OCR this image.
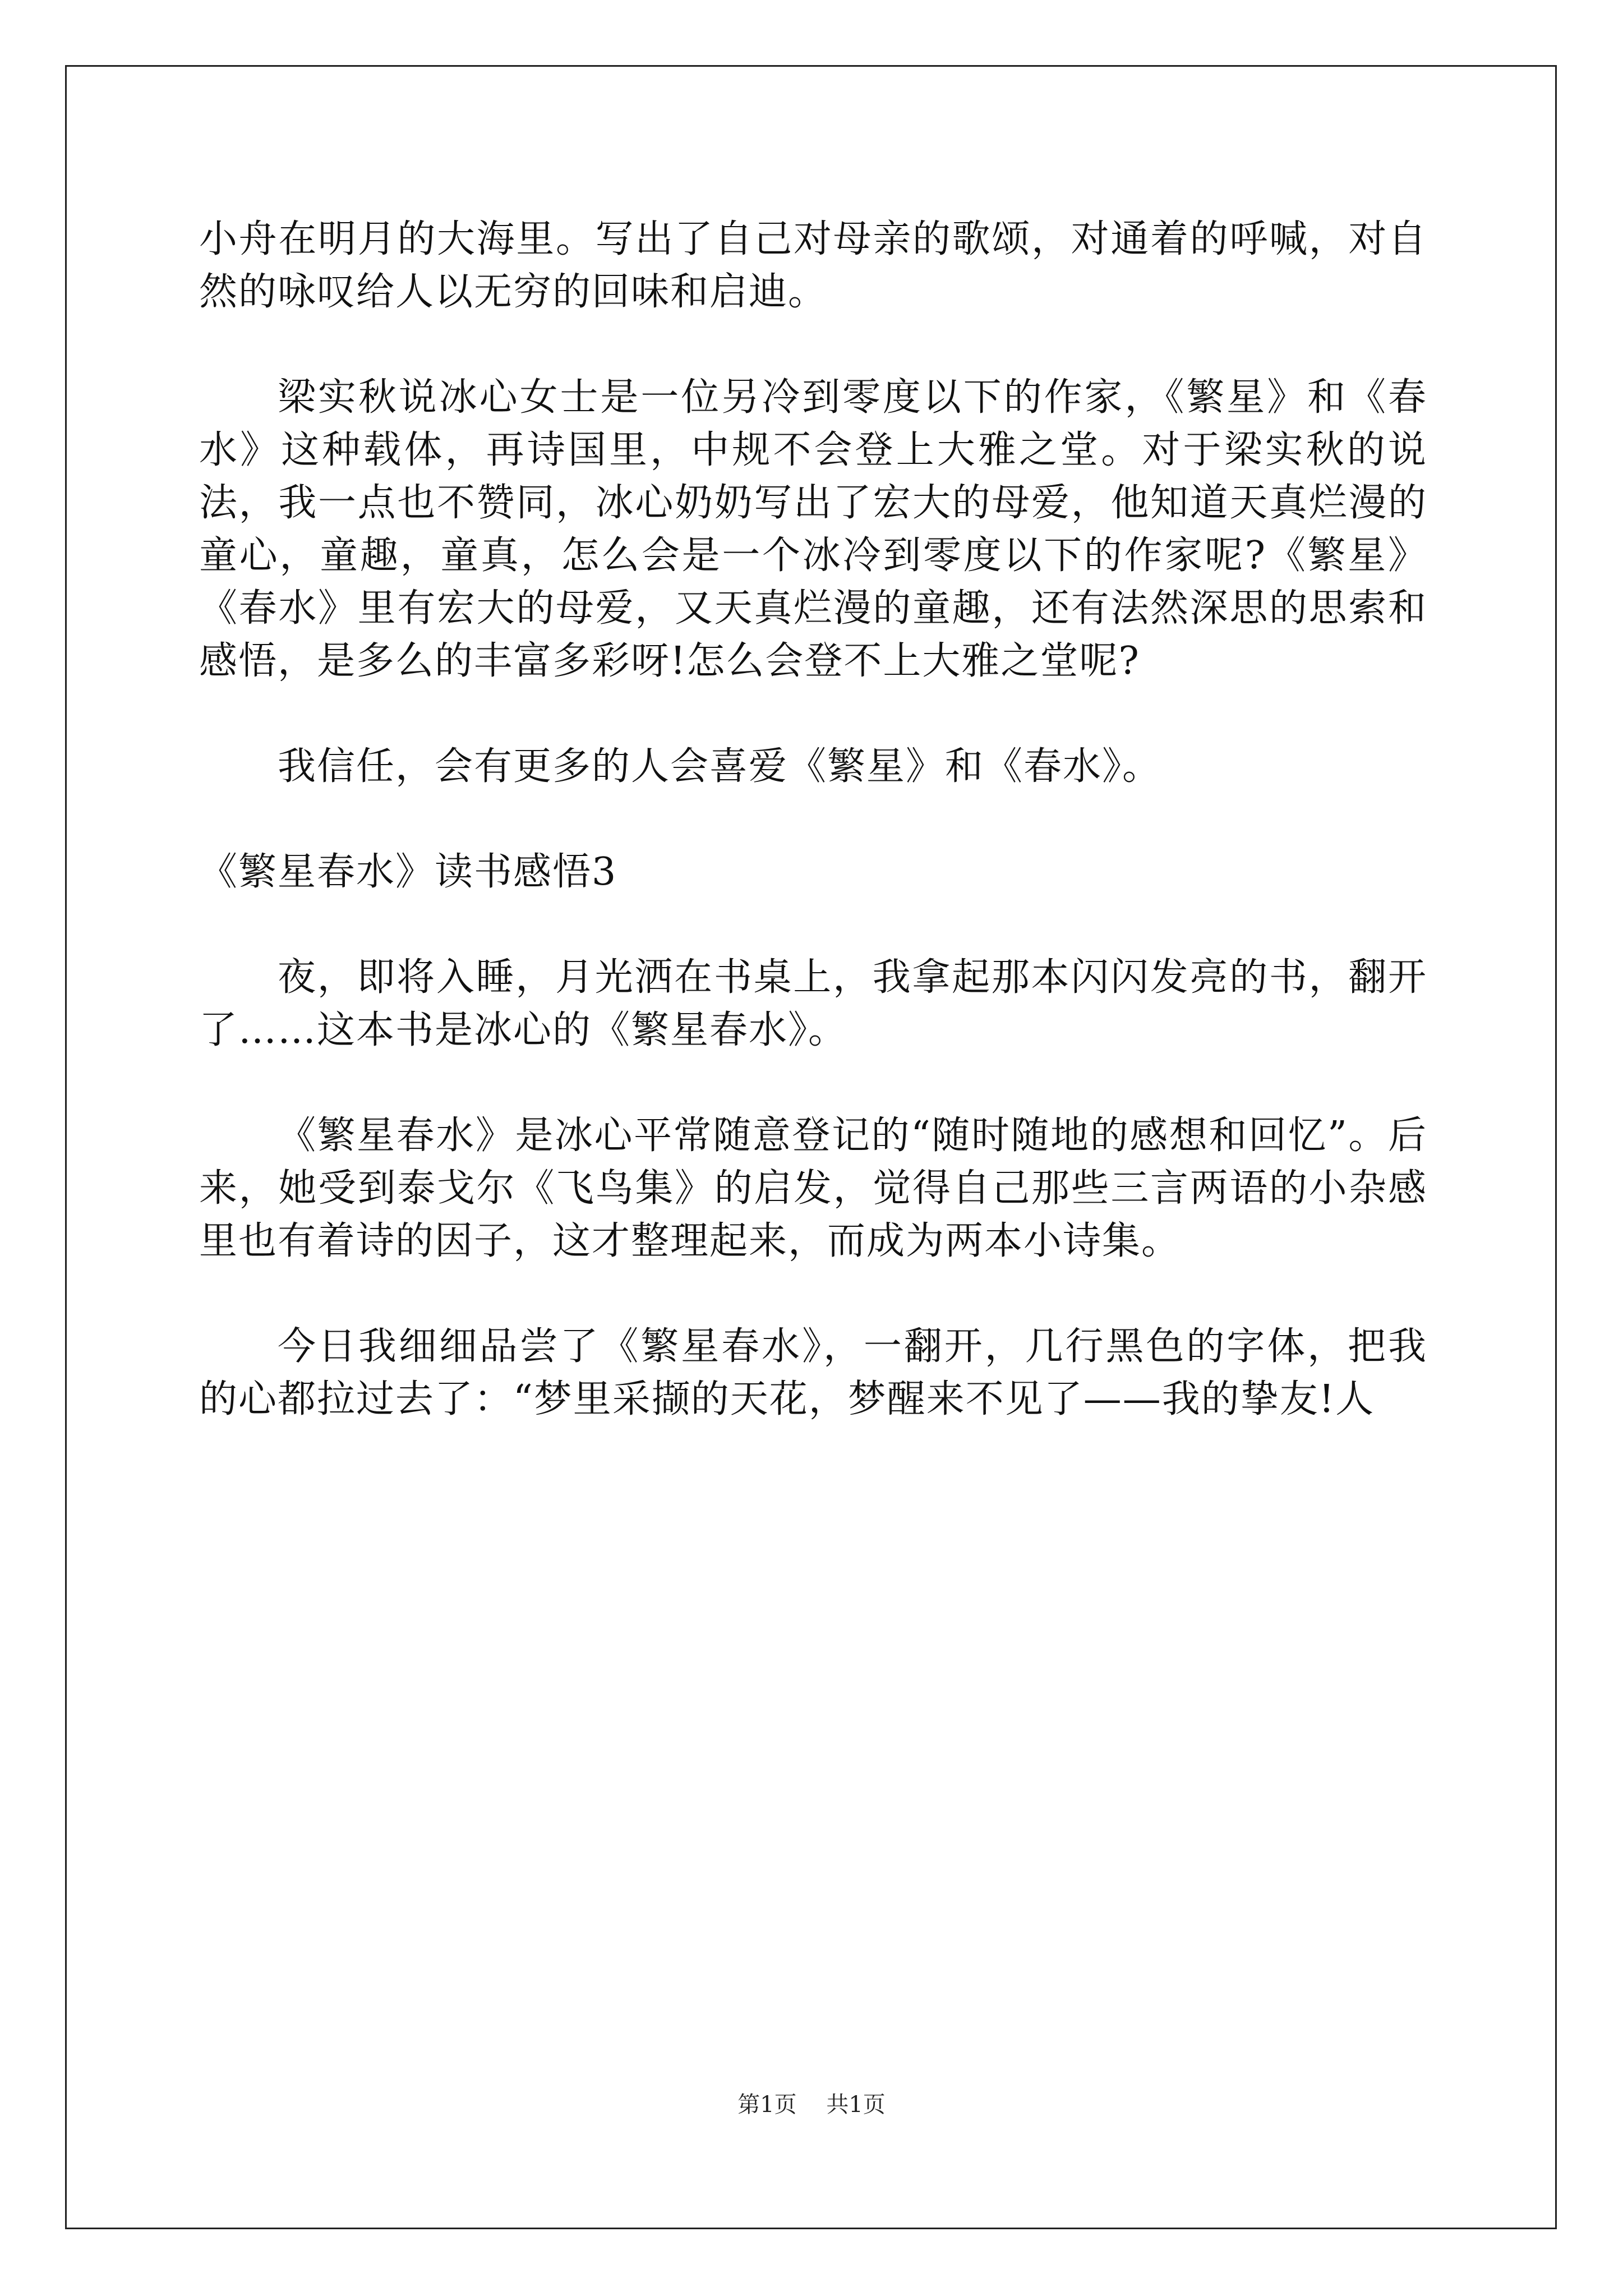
小舟在明月的大海里。写出了自己对母亲的歌颂，对通着的呼喊，对自然的咏叹给人以无穷的回味和启迪。

梁实秋说冰心女士是一位另冷到零度以下的作家，《繁星》和《春水》这种载体，再诗国里，中规不会登上大雅之堂。对于梁实秋的说法，我一点也不赞同，冰心奶奶写出了宏大的母爱，他知道天真烂漫的童心，童趣，童真，怎么会是一个冰冷到零度以下的作家呢?《繁星》《春水》里有宏大的母爱，又天真烂漫的童趣，还有法然深思的思索和感悟，是多么的丰富多彩呀!怎么会登不上大雅之堂呢?

我信任，会有更多的人会喜爱《繁星》和《春水》。

《繁星春水》读书感悟3

夜，即将入睡，月光洒在书桌上，我拿起那本闪闪发亮的书，翻开了……这本书是冰心的《繁星春水》。

《繁星春水》是冰心平常随意登记的“随时随地的感想和回忆”。后来，她受到泰戈尔《飞鸟集》的启发，觉得自己那些三言两语的小杂感里也有着诗的因子，这才整理起来，而成为两本小诗集。

今日我细细品尝了《繁星春水》，一翻开，几行黑色的字体，把我的心都拉过去了：“梦里采撷的天花，梦醒来不见了——我的挚友!人

第1页 共1页
